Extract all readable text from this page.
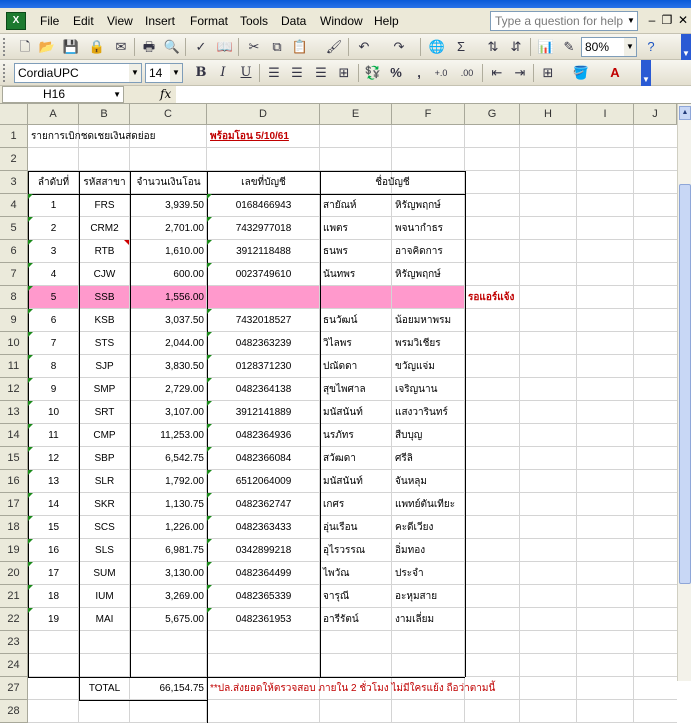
X	File Edit View Insert Format Tools Data Window Help	Type a question for help ▼	– ❐ ✕
🗋 📂 💾 🔒 ✉ 🖶 🔍 ✓ 📖 ✂ ⧉ 📋 🖌 ↶ ↷ 🌐 Σ	⇅ ⇵ 📊 ✎ 80% ▼	?	▼
CordiaUPC	▼ 14 ▼ B	I	U ☰ ☰ ☰ ⊞ 💱 %	,	+.0	.00 ⇤ ⇥ ⊞ 🪣	A	▼
H16	▼	fx
A	B	C	D	E	F	G	H	I	J
1
2
3
4
5
6
7
8
9
10
11
12
13
14
15
16
17
18
19
20
21
22
23
24
27
28
รายการเบิกชดเชยเงินสดย่อย	พร้อมโอน 5/10/61
ลำดับที่	รหัสสาขา	จำนวนเงินโอน	เลขที่บัญชี	ชื่อบัญชี
1	FRS	3,939.50	0168466943	สายัณห์	หิรัญพฤกษ์
2	CRM2	2,701.00	7432977018	แพตร	พจนากำธร
3	RTB	1,610.00	3912118488	ธนพร	อาจคิดการ
4	CJW	600.00	0023749610	นันทพร	หิรัญพฤกษ์
5	SSB	1,556.00
6	KSB	3,037.50	7432018527	ธนวัฒน์	น้อยมหาพรม
7	STS	2,044.00	0482363239	วิไลพร	พรมวิเชียร
8	SJP	3,830.50	0128371230	ปณัดดา	ขวัญแจ่ม
9	SMP	2,729.00	0482364138	สุขไพศาล	เจริญนาน
10	SRT	3,107.00	3912141889	มนัสนันท์	แสงวารินทร์
11	CMP	11,253.00	0482364936	นรภัทร	สืบบุญ
12	SBP	6,542.75	0482366084	สวัฒดา	ศรีลิ
13	SLR	1,792.00	6512064009	มนัสนันท์	จันหลุม
14	SKR	1,130.75	0482362747	เกศร	แพทย์ตันเทียะ
15	SCS	1,226.00	0482363433	อุ่นเรือน	คะดีเวียง
16	SLS	6,981.75	0342899218	อุไรวรรณ	อิ่มทอง
17	SUM	3,130.00	0482364499	ไพวัณ	ประจำ
18	IUM	3,269.00	0482365339	จารุณี	อะหุมสาย
19	MAI	5,675.00	0482361953	อารีรัตน์	งามเลี่ยม
รอแอร์แจ้ง
TOTAL	66,154.75 **ปล.ส่งยอดให้ตรวจสอบ ภายใน 2 ชั่วโมง ไม่มีใครแย้ง ถือว่าตามนี้
▲
